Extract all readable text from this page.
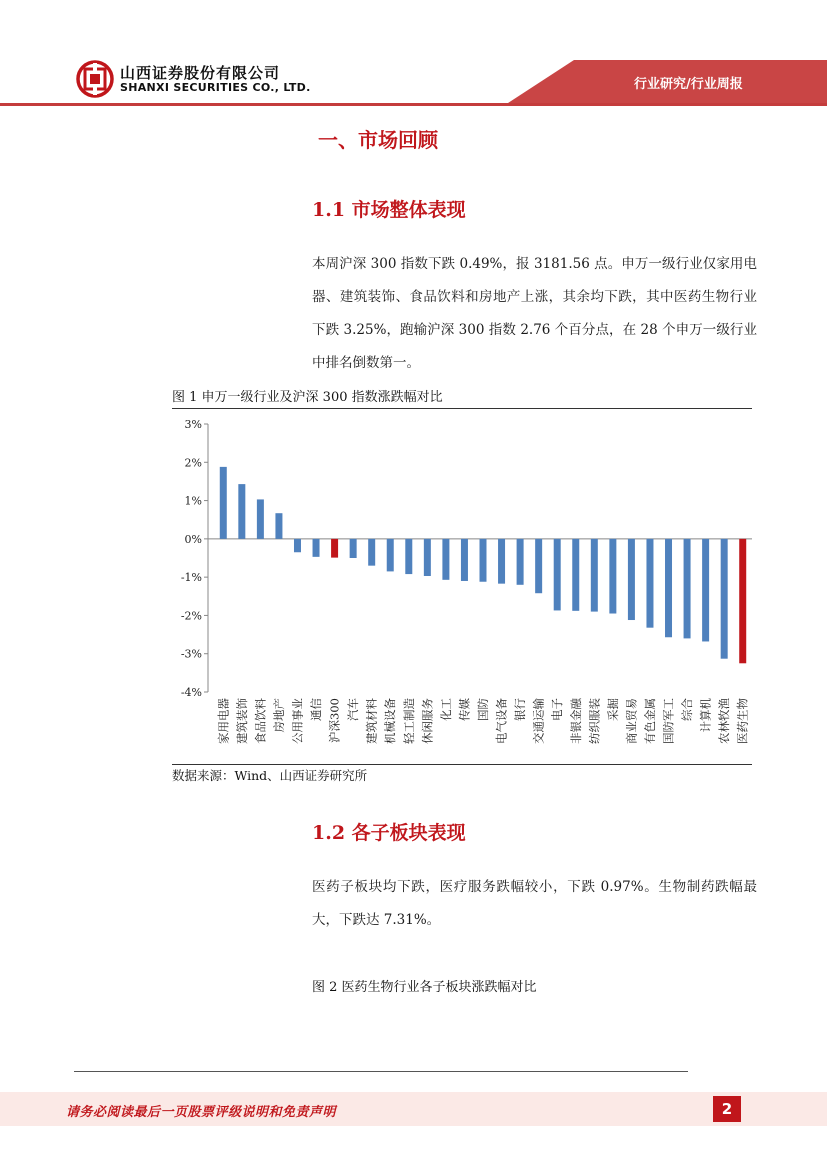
山西证券股份有限公司
SHANXI SECURITIES CO., LTD.	行业研究/行业周报
一、市场回顾
1.1 市场整体表现
本周沪深 300 指数下跌 0.49%，报 3181.56 点。申万一级行业仅家用电器、建筑装饰、食品饮料和房地产上涨，其余均下跌，其中医药生物行业下跌 3.25%，跑输沪深 300 指数 2.76 个百分点，在 28 个申万一级行业中排名倒数第一。
图 1 申万一级行业及沪深 300 指数涨跌幅对比
3%
2%
1%
0%
-1%
-2%
-3%
-4%
家用电器 建筑装饰 食品饮料 房地产 公用事业 通信 沪深300 汽车 建筑材料 机械设备 轻工制造 休闲服务 化工 传媒 国防 电气设备 银行 交通运输 电子 非银金融 纺织服装 采掘 商业贸易 有色金属 国防军工 综合 计算机 农林牧渔 医药生物
数据来源：Wind、山西证券研究所
1.2 各子板块表现
医药子板块均下跌，医疗服务跌幅较小，下跌 0.97%。生物制药跌幅最大，下跌达 7.31%。
图 2 医药生物行业各子板块涨跌幅对比
请务必阅读最后一页股票评级说明和免责声明	2
